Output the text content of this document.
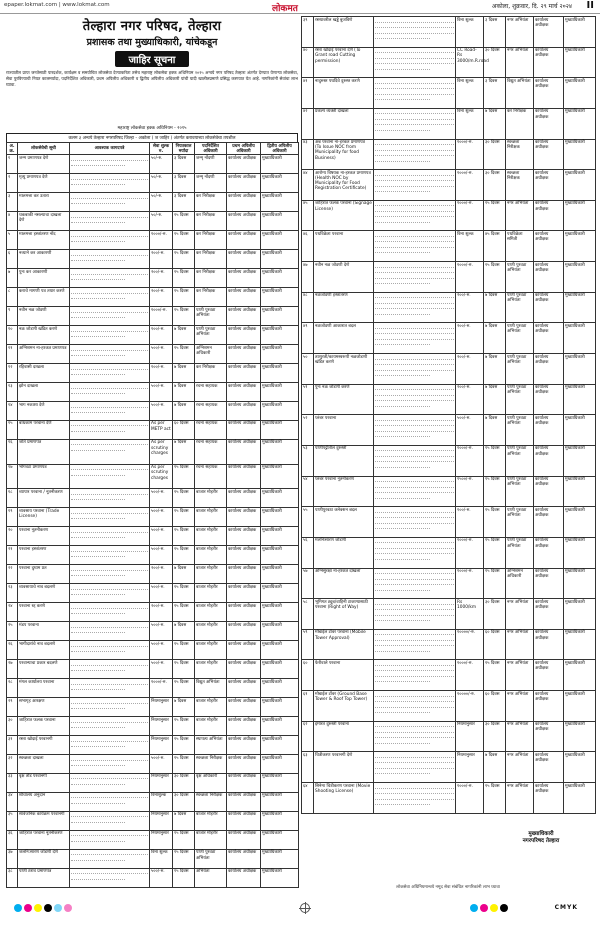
epaper.lokmat.com | www.lokmat.com	लोकमत	अकोला, शुक्रवार, दि. २९ मार्च २०२४ II
तेल्हारा नगर परिषद, तेल्हारा
प्रशासक तथा मुख्याधिकारी, यांचेकडून
जाहिर सूचना
राज्यातील प्राप्त जनतेसाठी पारदर्शक, कार्यक्षम व समयोचित लोकसेवा देण्याकरिता तसेच महाराष्ट्र लोकसेवा हक्क अधिनियम २०१५ अन्वये नगर परिषद तेल्हारा अंतर्गत देण्यात येणाऱ्या लोकसेवा, सेवा पुरविण्याची नियत कालमर्यादा, पदनिर्देशित अधिकारी, प्रथम अपिलीय अधिकारी व द्वितीय अपिलीय अधिकारी यांची यादी खालीलप्रमाणे प्रसिद्ध करण्यात येत आहे. नागरिकांनी सेवांचा लाभ घ्यावा.
महाराष्ट्र लोकसेवा हक्क अधिनियम - २०१५
कलम ३ अन्वये तेल्हारा नगरपरिषद जिल्हा - अकोला ( ज जाहिर ) अंतर्गत करावयाच्या लोकसेवेचा तपशील
अ. क्र.	लोकसेवेची सूची	आवश्यक कागदपत्रे	सेवा शुल्क रु.	नियतकाल मर्यादा	पदनिर्देशित अधिकारी	प्रथम अपिलीय अधिकारी	द्वितीय अपिलीय अधिकारी
१	जन्म प्रमाणपत्र देणे		५०/-रु.	३ दिवस	जन्मृ नोंदणी	कार्यालय अधीक्षक	मुख्याधिकारी
२	मृत्यु प्रमाणपत्र देणे		५०/-रु.	३ दिवस	जन्मृ नोंदणी	कार्यालय अधीक्षक	मुख्याधिकारी
३	मालमत्ता कर उतारा		५०/-रु.	३ दिवस	कर निरीक्षक	कार्यालय अधीक्षक	मुख्याधिकारी
४	थकबाकी नसल्याचा दाखला देणे		५०/-रु.	१५ दिवस	कर निरीक्षक	कार्यालय अधीक्षक	मुख्याधिकारी
५	मालमत्ता हस्तांतरण नोंद		१०००/-रु.	१५ दिवस	कर निरीक्षक	कार्यालय अधीक्षक	मुख्याधिकारी
६	नव्याने कर आकारणी		२००/-रु.	१५ दिवस	कर निरीक्षक	कार्यालय अधीक्षक	मुख्याधिकारी
७	पुनः कर आकारणी		२००/-रु.	१५ दिवस	कर निरीक्षक	कार्यालय अधीक्षक	मुख्याधिकारी
८	कराचे मागणी पत्र तयार करणे		२००/-रु.	१५ दिवस	कर निरीक्षक	कार्यालय अधीक्षक	मुख्याधिकारी
९	नवीन नळ जोडणी		१०००/-रु.	१५ दिवस	पाणी पुरवठा अभियंता	कार्यालय अधीक्षक	मुख्याधिकारी
१०	नळ जोडणी खंडित करणे		१००/-रु.	७ दिवस	पाणी पुरवठा अभियंता	कार्यालय अधीक्षक	मुख्याधिकारी
११	अग्निशमन ना-हरकत प्रमाणपत्र		५००/-रु.	१५ दिवस	अग्निशमन अधिकारी	कार्यालय अधीक्षक	मुख्याधिकारी
१२	रहिवासी दाखला		१००/-रु.	७ दिवस	कर निरीक्षक	कार्यालय अधीक्षक	मुख्याधिकारी
१३	झोन दाखला		५००/-रु.	७ दिवस	रचना सहायक	कार्यालय अधीक्षक	मुख्याधिकारी
१४	भाग नकाशा देणे		५००/-रु.	७ दिवस	रचना सहायक	कार्यालय अधीक्षक	मुख्याधिकारी
१५	बांधकाम परवाना देणे		As per METP act	६० दिवस	रचना सहायक	कार्यालय अधीक्षक	मुख्याधिकारी
१६	जोते प्रमाणपत्र		As per scrutiny charges	७ दिवस	रचना सहायक	कार्यालय अधीक्षक	मुख्याधिकारी
१७	भोगवटा प्रमाणपत्र		As per scrutiny charges	१५ दिवस	रचना सहायक	कार्यालय अधीक्षक	मुख्याधिकारी
१८	व्यापार परवाना / नूतनीकरण		५००/-रु.	१५ दिवस	बाजार मोहरीर	कार्यालय अधीक्षक	मुख्याधिकारी
१९	व्यवसाय परवाना (Trade License)		५००/-रु.	१५ दिवस	बाजार मोहरीर	कार्यालय अधीक्षक	मुख्याधिकारी
२०	परवाना नूतनीकरण		५००/-रु.	१५ दिवस	बाजार मोहरीर	कार्यालय अधीक्षक	मुख्याधिकारी
२१	परवाना हस्तांतरण		५००/-रु.	१५ दिवस	बाजार मोहरीर	कार्यालय अधीक्षक	मुख्याधिकारी
२२	परवाना दुय्यम प्रत		२००/-रु.	७ दिवस	बाजार मोहरीर	कार्यालय अधीक्षक	मुख्याधिकारी
२३	व्यवसायाचे नाव बदलणे		५००/-रु.	१५ दिवस	बाजार मोहरीर	कार्यालय अधीक्षक	मुख्याधिकारी
२४	परवाना रद्द करणे		२००/-रु.	१५ दिवस	बाजार मोहरीर	कार्यालय अधीक्षक	मुख्याधिकारी
२५	मंडप परवाना		५००/-रु.	७ दिवस	बाजार मोहरीर	कार्यालय अधीक्षक	मुख्याधिकारी
२६	भागीदारांचे नाव बदलणे		५००/-रु.	१५ दिवस	बाजार मोहरीर	कार्यालय अधीक्षक	मुख्याधिकारी
२७	परवान्याचा प्रकार बदलणे		५००/-रु.	१५ दिवस	बाजार मोहरीर	कार्यालय अधीक्षक	मुख्याधिकारी
२८	मंगल कार्यालय परवाना		१०००/-रु.	१५ दिवस	विद्युत अभियंता	कार्यालय अधीक्षक	मुख्याधिकारी
२९	सभागृह आरक्षण		नियमानुसार	७ दिवस	बाजार मोहरीर	कार्यालय अधीक्षक	मुख्याधिकारी
३०	जाहिरात फलक परवाना		नियमानुसार	१५ दिवस	बाजार मोहरीर	कार्यालय अधीक्षक	मुख्याधिकारी
३१	रस्ता खोदाई परवानगी		नियमानुसार	१५ दिवस	स्थापत्य अभियंता	कार्यालय अधीक्षक	मुख्याधिकारी
३२	स्वच्छता दाखला		५००/-रु.	१५ दिवस	स्वच्छता निरीक्षक	कार्यालय अधीक्षक	मुख्याधिकारी
३३	वृक्ष तोड परवानगी		नियमानुसार	३० दिवस	वृक्ष अधिकारी	कार्यालय अधीक्षक	मुख्याधिकारी
३४	शौचालय अनुदान		विनाशुल्क	३० दिवस	स्वच्छता निरीक्षक	कार्यालय अधीक्षक	मुख्याधिकारी
३५	सार्वजनिक कार्यक्रम परवानगी		नियमानुसार	७ दिवस	बाजार मोहरीर	कार्यालय अधीक्षक	मुख्याधिकारी
३६	जाहिरात परवाना नूतनीकरण		नियमानुसार	१५ दिवस	बाजार मोहरीर	कार्यालय अधीक्षक	मुख्याधिकारी
३७	जलनि:सारण जोडणी देणे		विना शुल्क	१५ दिवस	पाणी पुरवठा अभियंता	कार्यालय अधीक्षक	मुख्याधिकारी
३८	पाणी ठराव प्रमाणपत्र		५००/-रु.	१५ दिवस	अभियंता	कार्यालय अधीक्षक	मुख्याधिकारी
३९	रस्त्यावरील खड्डे बुजविणे		विना शुल्क	३ दिवस	नगर अभियंता	कार्यालय अधीक्षक	मुख्याधिकारी
४०	रस्ता खोदाई परवाना देणे (To Grant road Cutting permission)		CC Road- Rs 3000/m.R.road	३० दिवस	नगर अभियंता	कार्यालय अधीक्षक	मुख्याधिकारी
४१	नादुरुस्त पथदिवे दुरुस्त करणे		विना शुल्क	३ दिवस	विद्युत अभियंता	कार्यालय अधीक्षक	मुख्याधिकारी
४२	प्रकल्प व्यक्ती दाखला		विना शुल्क	७ दिवस	कर निरीक्षक	कार्यालय अधीक्षक	मुख्याधिकारी
४३	अन्न परवाना ना-हरकत प्रमाणपत्र (To Issue NOC from Municipality for food Business)		१०००/-रु.	३० दिवस	स्वच्छता निरीक्षक	कार्यालय अधीक्षक	मुख्याधिकारी
४४	आरोग्य विषयक ना-हरकत प्रमाणपत्र (Health NOC by Municipality for Food Registration Certificate)		१०००/-रु.	३० दिवस	स्वच्छता निरीक्षक	कार्यालय अधीक्षक	मुख्याधिकारी
४५	जाहिरात फलक परवाना (Signage License)		१०००/-रु.	१५ दिवस	नगर अभियंता	कार्यालय अधीक्षक	मुख्याधिकारी
४६	पथविक्रेता परवाना		विना शुल्क	४५ दिवस	पथविक्रेता समिती	कार्यालय अधीक्षक	मुख्याधिकारी
४७	नवीन नळ जोडणी देणे		१०००/-रु.	१५ दिवस	पाणी पुरवठा अभियंता	कार्यालय अधीक्षक	मुख्याधिकारी
४८	नळजोडणी हस्तांतरण		२००/-रु.	७ दिवस	पाणी पुरवठा अभियंता	कार्यालय अधीक्षक	मुख्याधिकारी
४९	नळजोडणी आकारात बदल		२००/-रु.	७ दिवस	पाणी पुरवठा अभियंता	कार्यालय अधीक्षक	मुख्याधिकारी
५०	तात्पुरती/कायमस्वरूपी नळजोडणी खंडित करणे		२००/-रु.	७ दिवस	पाणी पुरवठा अभियंता	कार्यालय अधीक्षक	मुख्याधिकारी
५१	पुनः नळ जोडणी करणे		२००/-रु.	७ दिवस	पाणी पुरवठा अभियंता	कार्यालय अधीक्षक	मुख्याधिकारी
५२	प्लंबर परवाना		५००/-रु.	७ दिवस	पाणी पुरवठा अभियंता	कार्यालय अधीक्षक	मुख्याधिकारी
५३	पाणीपट्टीतील दुरुस्ती		१०००/-रु.	१५ दिवस	पाणी पुरवठा अभियंता	कार्यालय अधीक्षक	मुख्याधिकारी
५४	प्लंबर परवाना नूतनीकरण		१५००/-रु.	१५ दिवस	पाणी पुरवठा अभियंता	कार्यालय अधीक्षक	मुख्याधिकारी
५५	पाणीपुरवठा कनेक्शन बदल		१००/-रु.	१५ दिवस	पाणी पुरवठा अभियंता	कार्यालय अधीक्षक	मुख्याधिकारी
५६	मलनिःसारण जोडणी		१०००/-रु.	१५ दिवस	पाणी पुरवठा अभियंता	कार्यालय अधीक्षक	मुख्याधिकारी
५७	अग्निसुरक्षा ना-हरकत दाखला		१०००/-रु.	१५ दिवस	अग्निशमन अधिकारी	कार्यालय अधीक्षक	मुख्याधिकारी
५८	भूमिगत ट्यूब/वाहिनी टाकण्यासाठी परवाना (Right of Way)		Rs 1000/km	३० दिवस	नगर अभियंता	कार्यालय अधीक्षक	मुख्याधिकारी
५९	मोबाईल टॉवर परवाना (Mobile Tower Approval)		१००००/-रु.	६० दिवस	नगर अभियंता	कार्यालय अधीक्षक	मुख्याधिकारी
६०	फेरीवाले परवाना		१०००/-रु.	१५ दिवस	नगर अभियंता	कार्यालय अधीक्षक	मुख्याधिकारी
६१	मोबाईल टॉवर (Ground Base Tower & Roof Top Tower)		१००००/-रु.	६० दिवस	नगर अभियंता	कार्यालय अधीक्षक	मुख्याधिकारी
६२	इमारत दुरुस्ती परवाना		नियमानुसार	३० दिवस	नगर अभियंता	कार्यालय अधीक्षक	मुख्याधिकारी
६३	चित्रीकरण परवानगी देणे		नियमानुसार	७ दिवस	नगर अभियंता	कार्यालय अधीक्षक	मुख्याधिकारी
६४	सिनेमा चित्रीकरण परवाना (Movie Shooting License)		१०००/-रु.	१५ दिवस	नगर अभियंता	कार्यालय अधीक्षक	मुख्याधिकारी
मुख्याधिकारी
नगरपरिषद तेल्हारा
लोकसेवा अधिनियमान्वये नमूद सेवा संबंधित नागरिकांनी लाभ घ्यावा
CMYK
